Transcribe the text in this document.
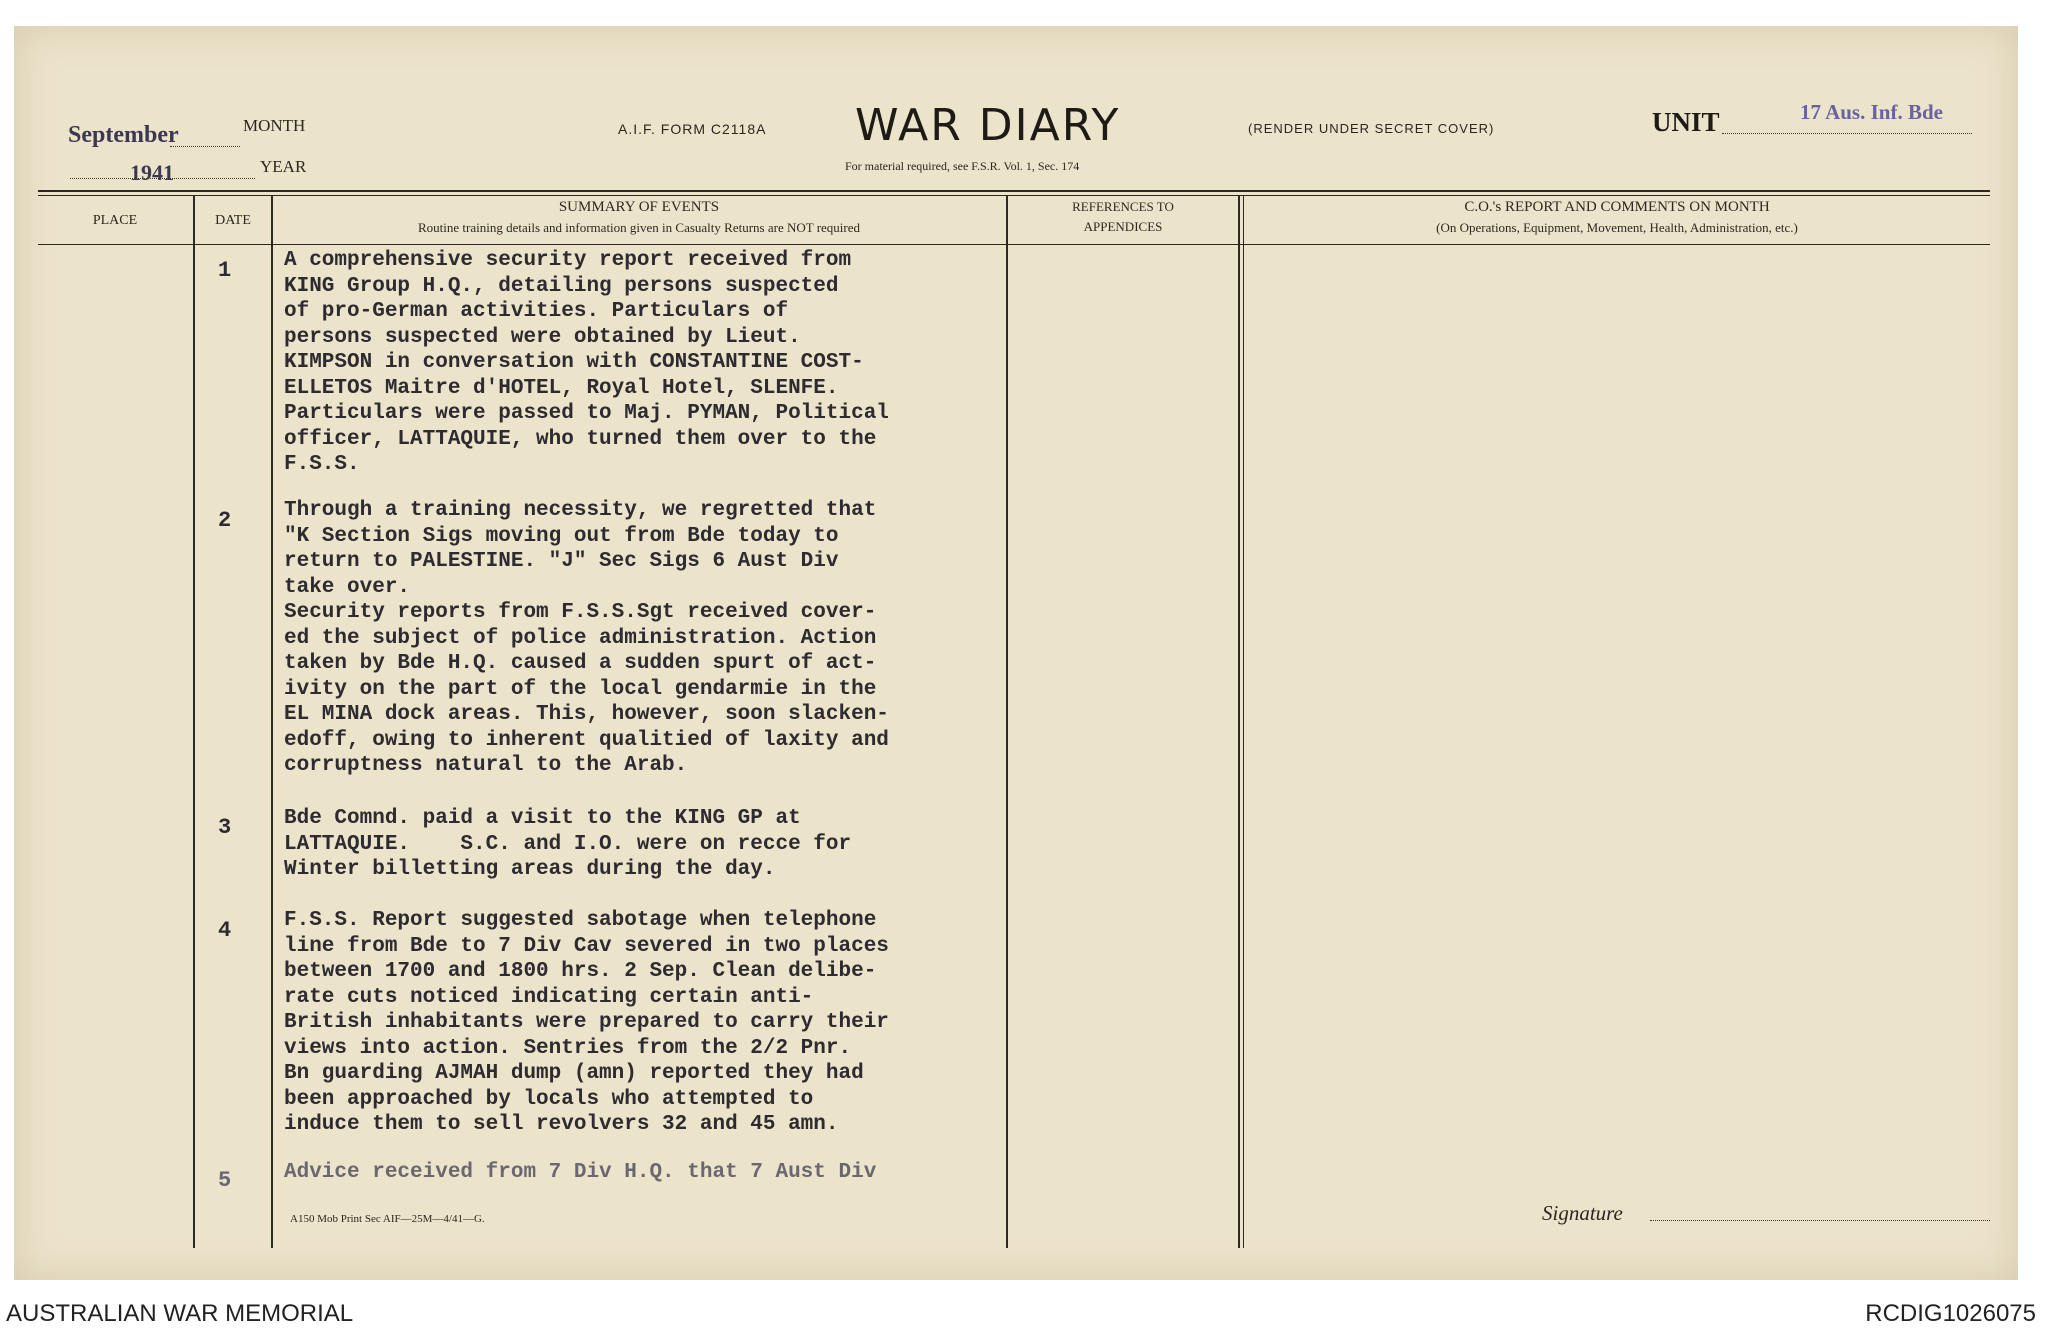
September	MONTH
1941	YEAR
A.I.F. FORM C2118A WAR DIARY
For material required, see F.S.R. Vol. 1, Sec. 174
(RENDER UNDER SECRET COVER)	UNIT	17 Aus. Inf. Bde
PLACE	DATE
SUMMARY OF EVENTS
Routine training details and information given in Casualty Returns are NOT required
REFERENCES TO
APPENDICES
C.O.'s REPORT AND COMMENTS ON MONTH
(On Operations, Equipment, Movement, Health, Administration, etc.)
1	A comprehensive security report received from
KING Group H.Q., detailing persons suspected
of pro-German activities. Particulars of
persons suspected were obtained by Lieut.
KIMPSON in conversation with CONSTANTINE COST-
ELLETOS Maitre d'HOTEL, Royal Hotel, SLENFE.
Particulars were passed to Maj. PYMAN, Political
officer, LATTAQUIE, who turned them over to the
F.S.S.
2	Through a training necessity, we regretted that
"K Section Sigs moving out from Bde today to
return to PALESTINE. "J" Sec Sigs 6 Aust Div
take over.
Security reports from F.S.S.Sgt received cover-
ed the subject of police administration. Action
taken by Bde H.Q. caused a sudden spurt of act-
ivity on the part of the local gendarmie in the
EL MINA dock areas. This, however, soon slacken-
edoff, owing to inherent qualitied of laxity and
corruptness natural to the Arab.
3	Bde Comnd. paid a visit to the KING GP at
LATTAQUIE.    S.C. and I.O. were on recce for
Winter billetting areas during the day.
4	F.S.S. Report suggested sabotage when telephone
line from Bde to 7 Div Cav severed in two places
between 1700 and 1800 hrs. 2 Sep. Clean delibe-
rate cuts noticed indicating certain anti-
British inhabitants were prepared to carry their
views into action. Sentries from the 2/2 Pnr.
Bn guarding AJMAH dump (amn) reported they had
been approached by locals who attempted to
induce them to sell revolvers 32 and 45 amn.
5	Advice received from 7 Div H.Q. that 7 Aust Div
A150 Mob Print Sec AIF—25M—4/41—G.	Signature
AUSTRALIAN WAR MEMORIAL	RCDIG1026075
